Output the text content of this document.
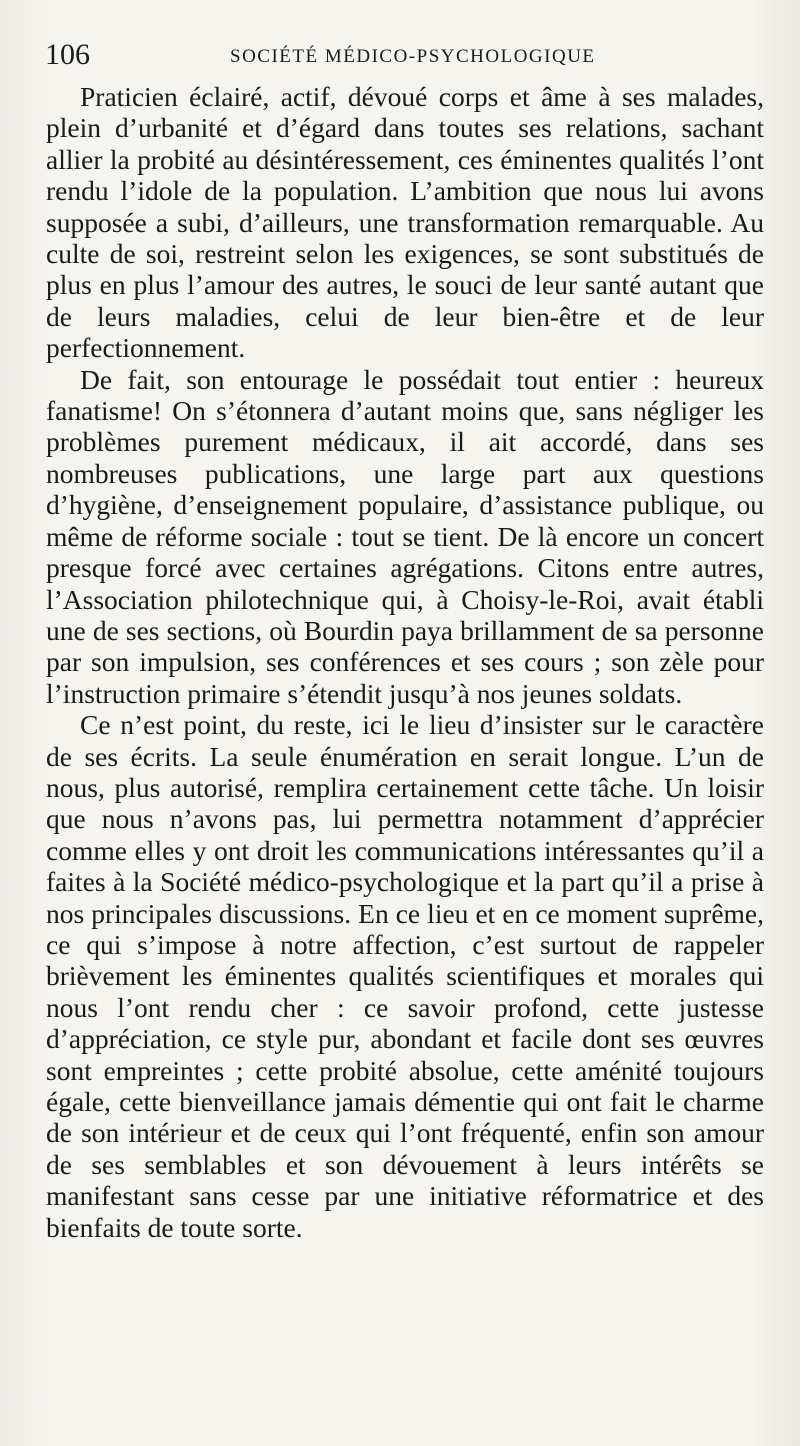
106	SOCIÉTÉ MÉDICO-PSYCHOLOGIQUE

Praticien éclairé, actif, dévoué corps et âme à ses malades, plein d’urbanité et d’égard dans toutes ses relations, sachant allier la probité au désintéressement, ces éminentes qualités l’ont rendu l’idole de la population. L’ambition que nous lui avons supposée a subi, d’ailleurs, une transformation remarquable. Au culte de soi, restreint selon les exigences, se sont substitués de plus en plus l’amour des autres, le souci de leur santé autant que de leurs maladies, celui de leur bien-être et de leur perfectionnement.

De fait, son entourage le possédait tout entier : heureux fanatisme! On s’étonnera d’autant moins que, sans négliger les problèmes purement médicaux, il ait accordé, dans ses nombreuses publications, une large part aux questions d’hygiène, d’enseignement populaire, d’assistance publique, ou même de réforme sociale : tout se tient. De là encore un concert presque forcé avec certaines agrégations. Citons entre autres, l’Association philotechnique qui, à Choisy-le-Roi, avait établi une de ses sections, où Bourdin paya brillamment de sa personne par son impulsion, ses conférences et ses cours ; son zèle pour l’instruction primaire s’étendit jusqu’à nos jeunes soldats.

Ce n’est point, du reste, ici le lieu d’insister sur le caractère de ses écrits. La seule énumération en serait longue. L’un de nous, plus autorisé, remplira certainement cette tâche. Un loisir que nous n’avons pas, lui permettra notamment d’apprécier comme elles y ont droit les communications intéressantes qu’il a faites à la Société médico-psychologique et la part qu’il a prise à nos principales discussions. En ce lieu et en ce moment suprême, ce qui s’impose à notre affection, c’est surtout de rappeler brièvement les éminentes qualités scientifiques et morales qui nous l’ont rendu cher : ce savoir profond, cette justesse d’appréciation, ce style pur, abondant et facile dont ses œuvres sont empreintes ; cette probité absolue, cette aménité toujours égale, cette bienveillance jamais démentie qui ont fait le charme de son intérieur et de ceux qui l’ont fréquenté, enfin son amour de ses semblables et son dévouement à leurs intérêts se manifestant sans cesse par une initiative réformatrice et des bienfaits de toute sorte.
